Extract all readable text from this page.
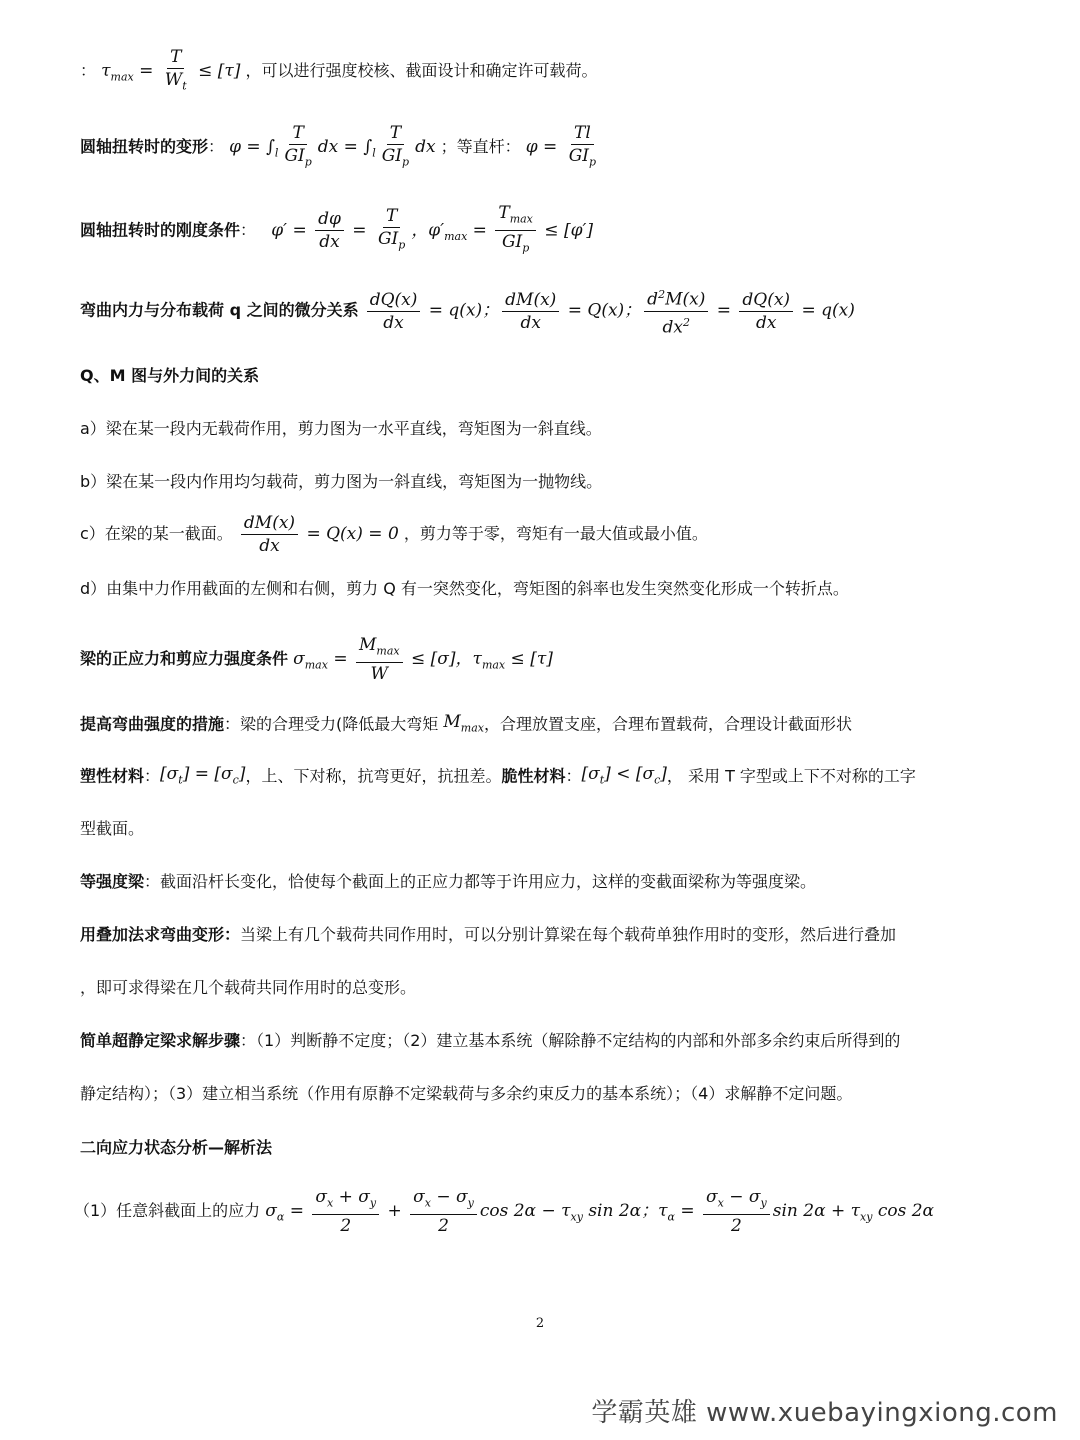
： $\tau_{max} = \frac{T}{W_t} \le [\tau]$ ，可以进行强度校核、截面设计和确定许可载荷。
圆轴扭转时的变形： $\varphi = \int_l \frac{T}{GI_p}$ dx = $\int_l \frac{T}{GI_p}$ dx ；等直杆： $\varphi = \frac{Tl}{GI_p}$
圆轴扭转时的刚度条件：   $\varphi' = \frac{d\varphi}{dx} = \frac{T}{GI_p}$ ，$\varphi'_{max} = \frac{T_{max}}{GI_p} \le [\varphi']$
弯曲内力与分布载荷 q 之间的微分关系 $\frac{dQ(x)}{dx} = q(x)$； $\frac{dM(x)}{dx} = Q(x)$； $\frac{d^2M(x)}{dx^2} = \frac{dQ(x)}{dx} = q(x)$
Q、M 图与外力间的关系
a）梁在某一段内无载荷作用，剪力图为一水平直线，弯矩图为一斜直线。
b）梁在某一段内作用均匀载荷，剪力图为一斜直线，弯矩图为一抛物线。
c）在梁的某一截面。 $\frac{dM(x)}{dx} = Q(x) = 0$ ，剪力等于零，弯矩有一最大值或最小值。
d）由集中力作用截面的左侧和右侧，剪力 Q 有一突然变化，弯矩图的斜率也发生突然变化形成一个转折点。
梁的正应力和剪应力强度条件 $\sigma_{max} = \frac{M_{max}}{W} \le [\sigma]$，$\tau_{max} \le [\tau]$
提高弯曲强度的措施：梁的合理受力(降低最大弯矩 $M_{max}$，合理放置支座，合理布置载荷，合理设计截面形状
塑性材料：$[\sigma_t] = [\sigma_c]$，上、下对称，抗弯更好，抗扭差。脆性材料：$[\sigma_t] < [\sigma_c]$， 采用 T 字型或上下不对称的工字
型截面。
等强度梁：截面沿杆长变化，恰使每个截面上的正应力都等于许用应力，这样的变截面梁称为等强度梁。
用叠加法求弯曲变形：当梁上有几个载荷共同作用时，可以分别计算梁在每个载荷单独作用时的变形，然后进行叠加
，即可求得梁在几个载荷共同作用时的总变形。
简单超静定梁求解步骤：（1）判断静不定度；（2）建立基本系统（解除静不定结构的内部和外部多余约束后所得到的
静定结构）；（3）建立相当系统（作用有原静不定梁载荷与多余约束反力的基本系统）；（4）求解静不定问题。
二向应力状态分析—解析法
（1）任意斜截面上的应力 $\sigma_\alpha = \frac{\sigma_x + \sigma_y}{2} + \frac{\sigma_x - \sigma_y}{2}$ $\cos 2\alpha - \tau_{xy}$ sin 2α；$\tau_\alpha = \frac{\sigma_x - \sigma_y}{2}$ $\sin 2\alpha + \tau_{xy}$ cos 2α
2
学霸英雄 www.xuebayingxiong.com
